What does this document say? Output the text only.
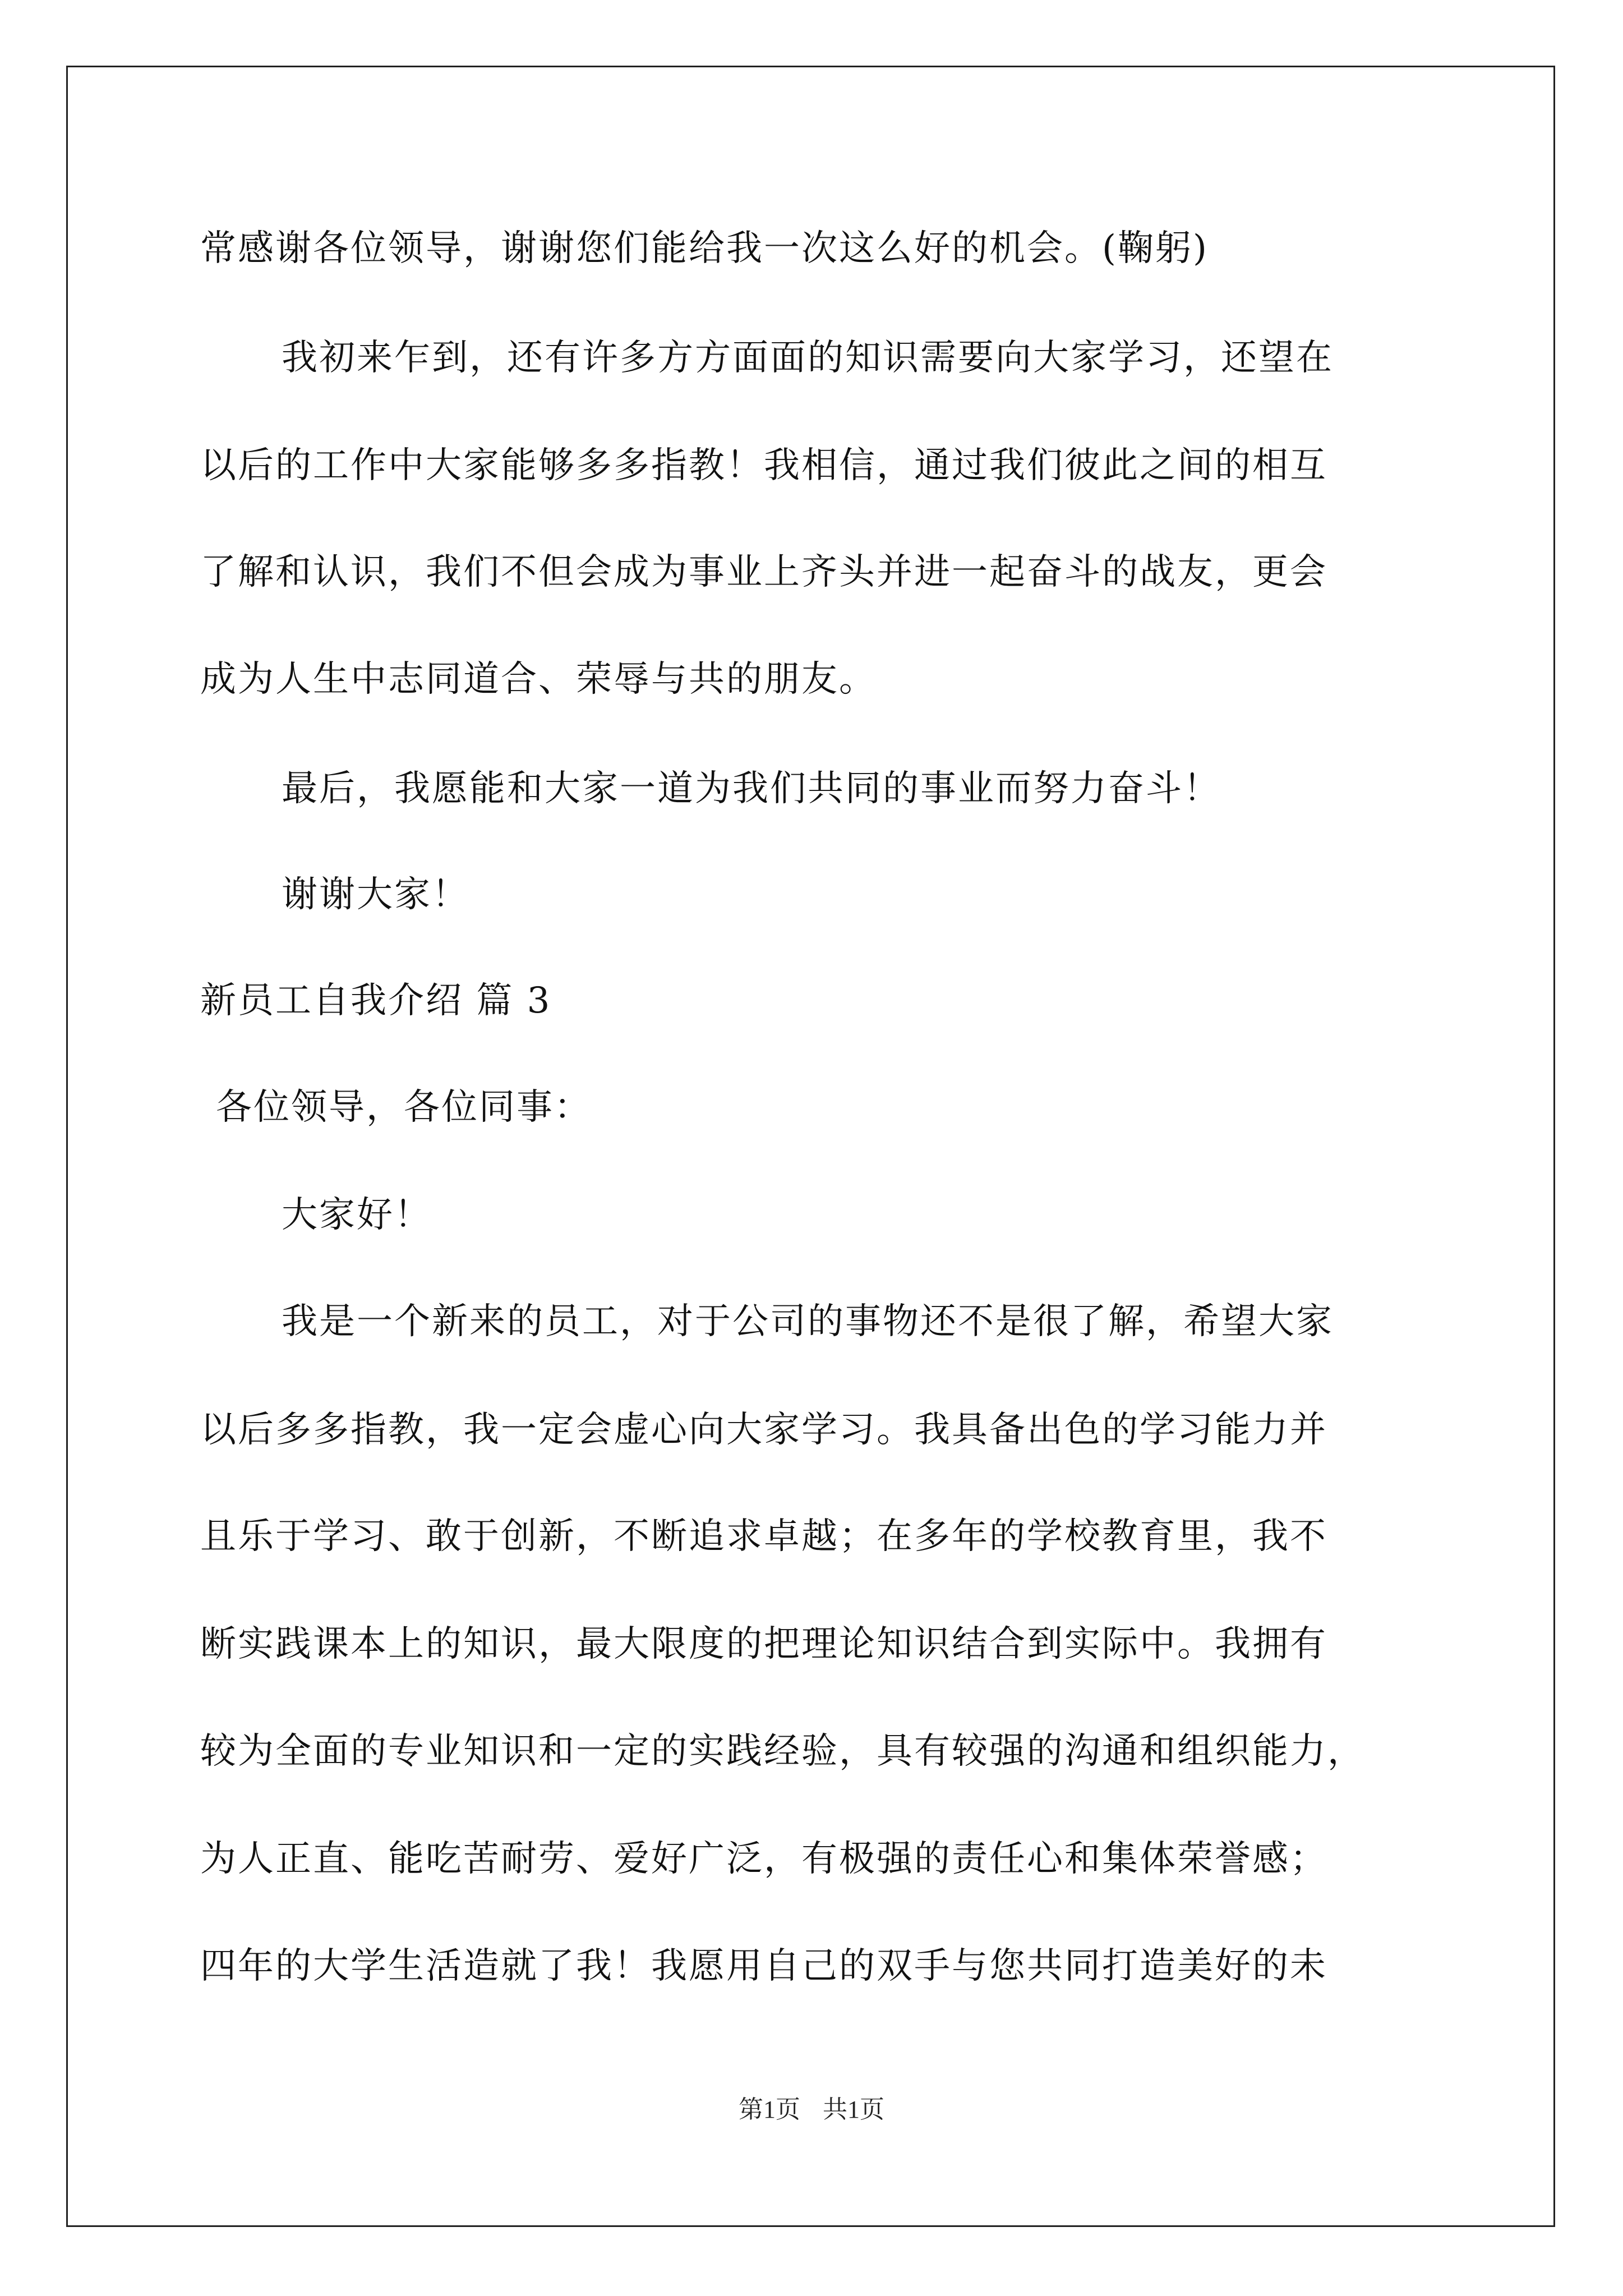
常感谢各位领导，谢谢您们能给我一次这么好的机会。(鞠躬)
我初来乍到，还有许多方方面面的知识需要向大家学习，还望在
以后的工作中大家能够多多指教！我相信，通过我们彼此之间的相互
了解和认识，我们不但会成为事业上齐头并进一起奋斗的战友，更会
成为人生中志同道合、荣辱与共的朋友。
最后，我愿能和大家一道为我们共同的事业而努力奋斗！
谢谢大家！
新员工自我介绍 篇 3
各位领导，各位同事：
大家好！
我是一个新来的员工，对于公司的事物还不是很了解，希望大家
以后多多指教，我一定会虚心向大家学习。我具备出色的学习能力并
且乐于学习、敢于创新，不断追求卓越；在多年的学校教育里，我不
断实践课本上的知识，最大限度的把理论知识结合到实际中。我拥有
较为全面的专业知识和一定的实践经验，具有较强的沟通和组织能力，
为人正直、能吃苦耐劳、爱好广泛，有极强的责任心和集体荣誉感；
四年的大学生活造就了我！我愿用自己的双手与您共同打造美好的未
第1页 共1页
